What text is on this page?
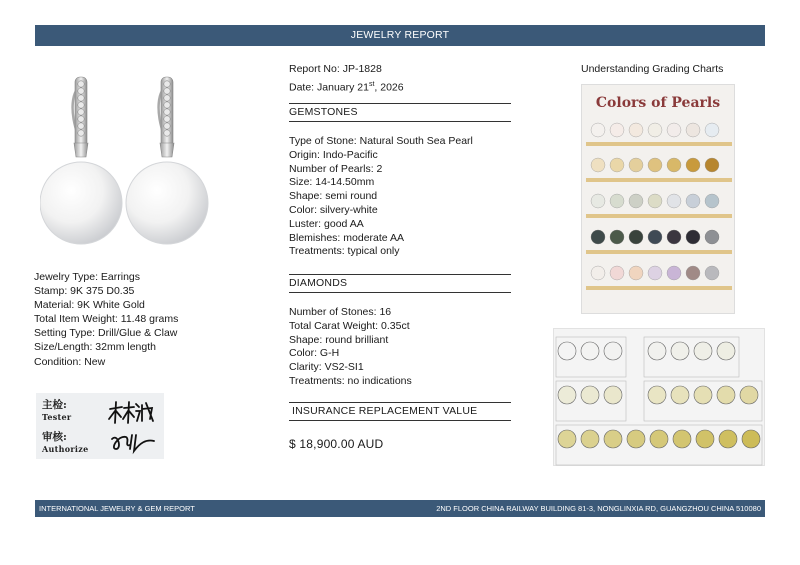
JEWELRY REPORT
Jewelry Type: Earrings
Stamp: 9K 375 D0.35
Material: 9K White Gold
Total Item Weight: 11.48 grams
Setting Type: Drill/Glue & Claw
Size/Length: 32mm length
Condition: New
主检:
Tester
审核:
Authorize
Report No: JP-1828
Date: January 21st, 2026
GEMSTONES
Type of Stone: Natural South Sea Pearl
Origin: Indo-Pacific
Number of Pearls: 2
Size: 14-14.50mm
Shape: semi round
Color: silvery-white
Luster: good AA
Blemishes: moderate AA
Treatments: typical only
DIAMONDS
Number of Stones: 16
Total Carat Weight: 0.35ct
Shape: round brilliant
Color: G-H
Clarity: VS2-SI1
Treatments: no indications
INSURANCE REPLACEMENT VALUE
$ 18,900.00 AUD
Understanding Grading Charts
Colors of Pearls
INTERNATIONAL JEWELRY & GEM REPORT	2ND FLOOR CHINA RAILWAY BUILDING 81-3, NONGLINXIA RD, GUANGZHOU CHINA 510080
